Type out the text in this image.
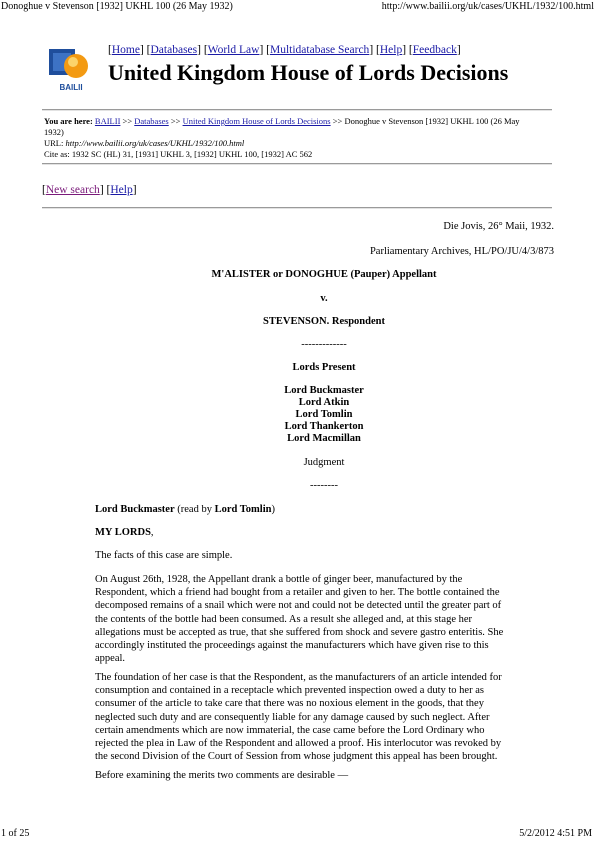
Donoghue v Stevenson [1932] UKHL 100 (26 May 1932)	http://www.bailii.org/uk/cases/UKHL/1932/100.html
BAILII
[Home] [Databases] [World Law] [Multidatabase Search] [Help] [Feedback]
United Kingdom House of Lords Decisions
You are here: BAILII >> Databases >> United Kingdom House of Lords Decisions >> Donoghue v Stevenson [1932] UKHL 100 (26 May
1932)
URL: http://www.bailii.org/uk/cases/UKHL/1932/100.html
Cite as: 1932 SC (HL) 31, [1931] UKHL 3, [1932] UKHL 100, [1932] AC 562
[New search] [Help]
Die Jovis, 26° Maii, 1932.
Parliamentary Archives, HL/PO/JU/4/3/873
M'ALISTER or DONOGHUE (Pauper) Appellant
v.
STEVENSON. Respondent
-------------
Lords Present
Lord Buckmaster
Lord Atkin
Lord Tomlin
Lord Thankerton
Lord Macmillan
Judgment
--------
Lord Buckmaster (read by Lord Tomlin)
MY LORDS,
The facts of this case are simple.
On August 26th, 1928, the Appellant drank a bottle of ginger beer, manufactured by the
Respondent, which a friend had bought from a retailer and given to her. The bottle contained the
decomposed remains of a snail which were not and could not be detected until the greater part of
the contents of the bottle had been consumed. As a result she alleged and, at this stage her
allegations must be accepted as true, that she suffered from shock and severe gastro enteritis. She
accordingly instituted the proceedings against the manufacturers which have given rise to this
appeal.
The foundation of her case is that the Respondent, as the manufacturers of an article intended for
consumption and contained in a receptacle which prevented inspection owed a duty to her as
consumer of the article to take care that there was no noxious element in the goods, that they
neglected such duty and are consequently liable for any damage caused by such neglect. After
certain amendments which are now immaterial, the case came before the Lord Ordinary who
rejected the plea in Law of the Respondent and allowed a proof. His interlocutor was revoked by
the second Division of the Court of Session from whose judgment this appeal has been brought.
Before examining the merits two comments are desirable —
1 of 25	5/2/2012 4:51 PM
